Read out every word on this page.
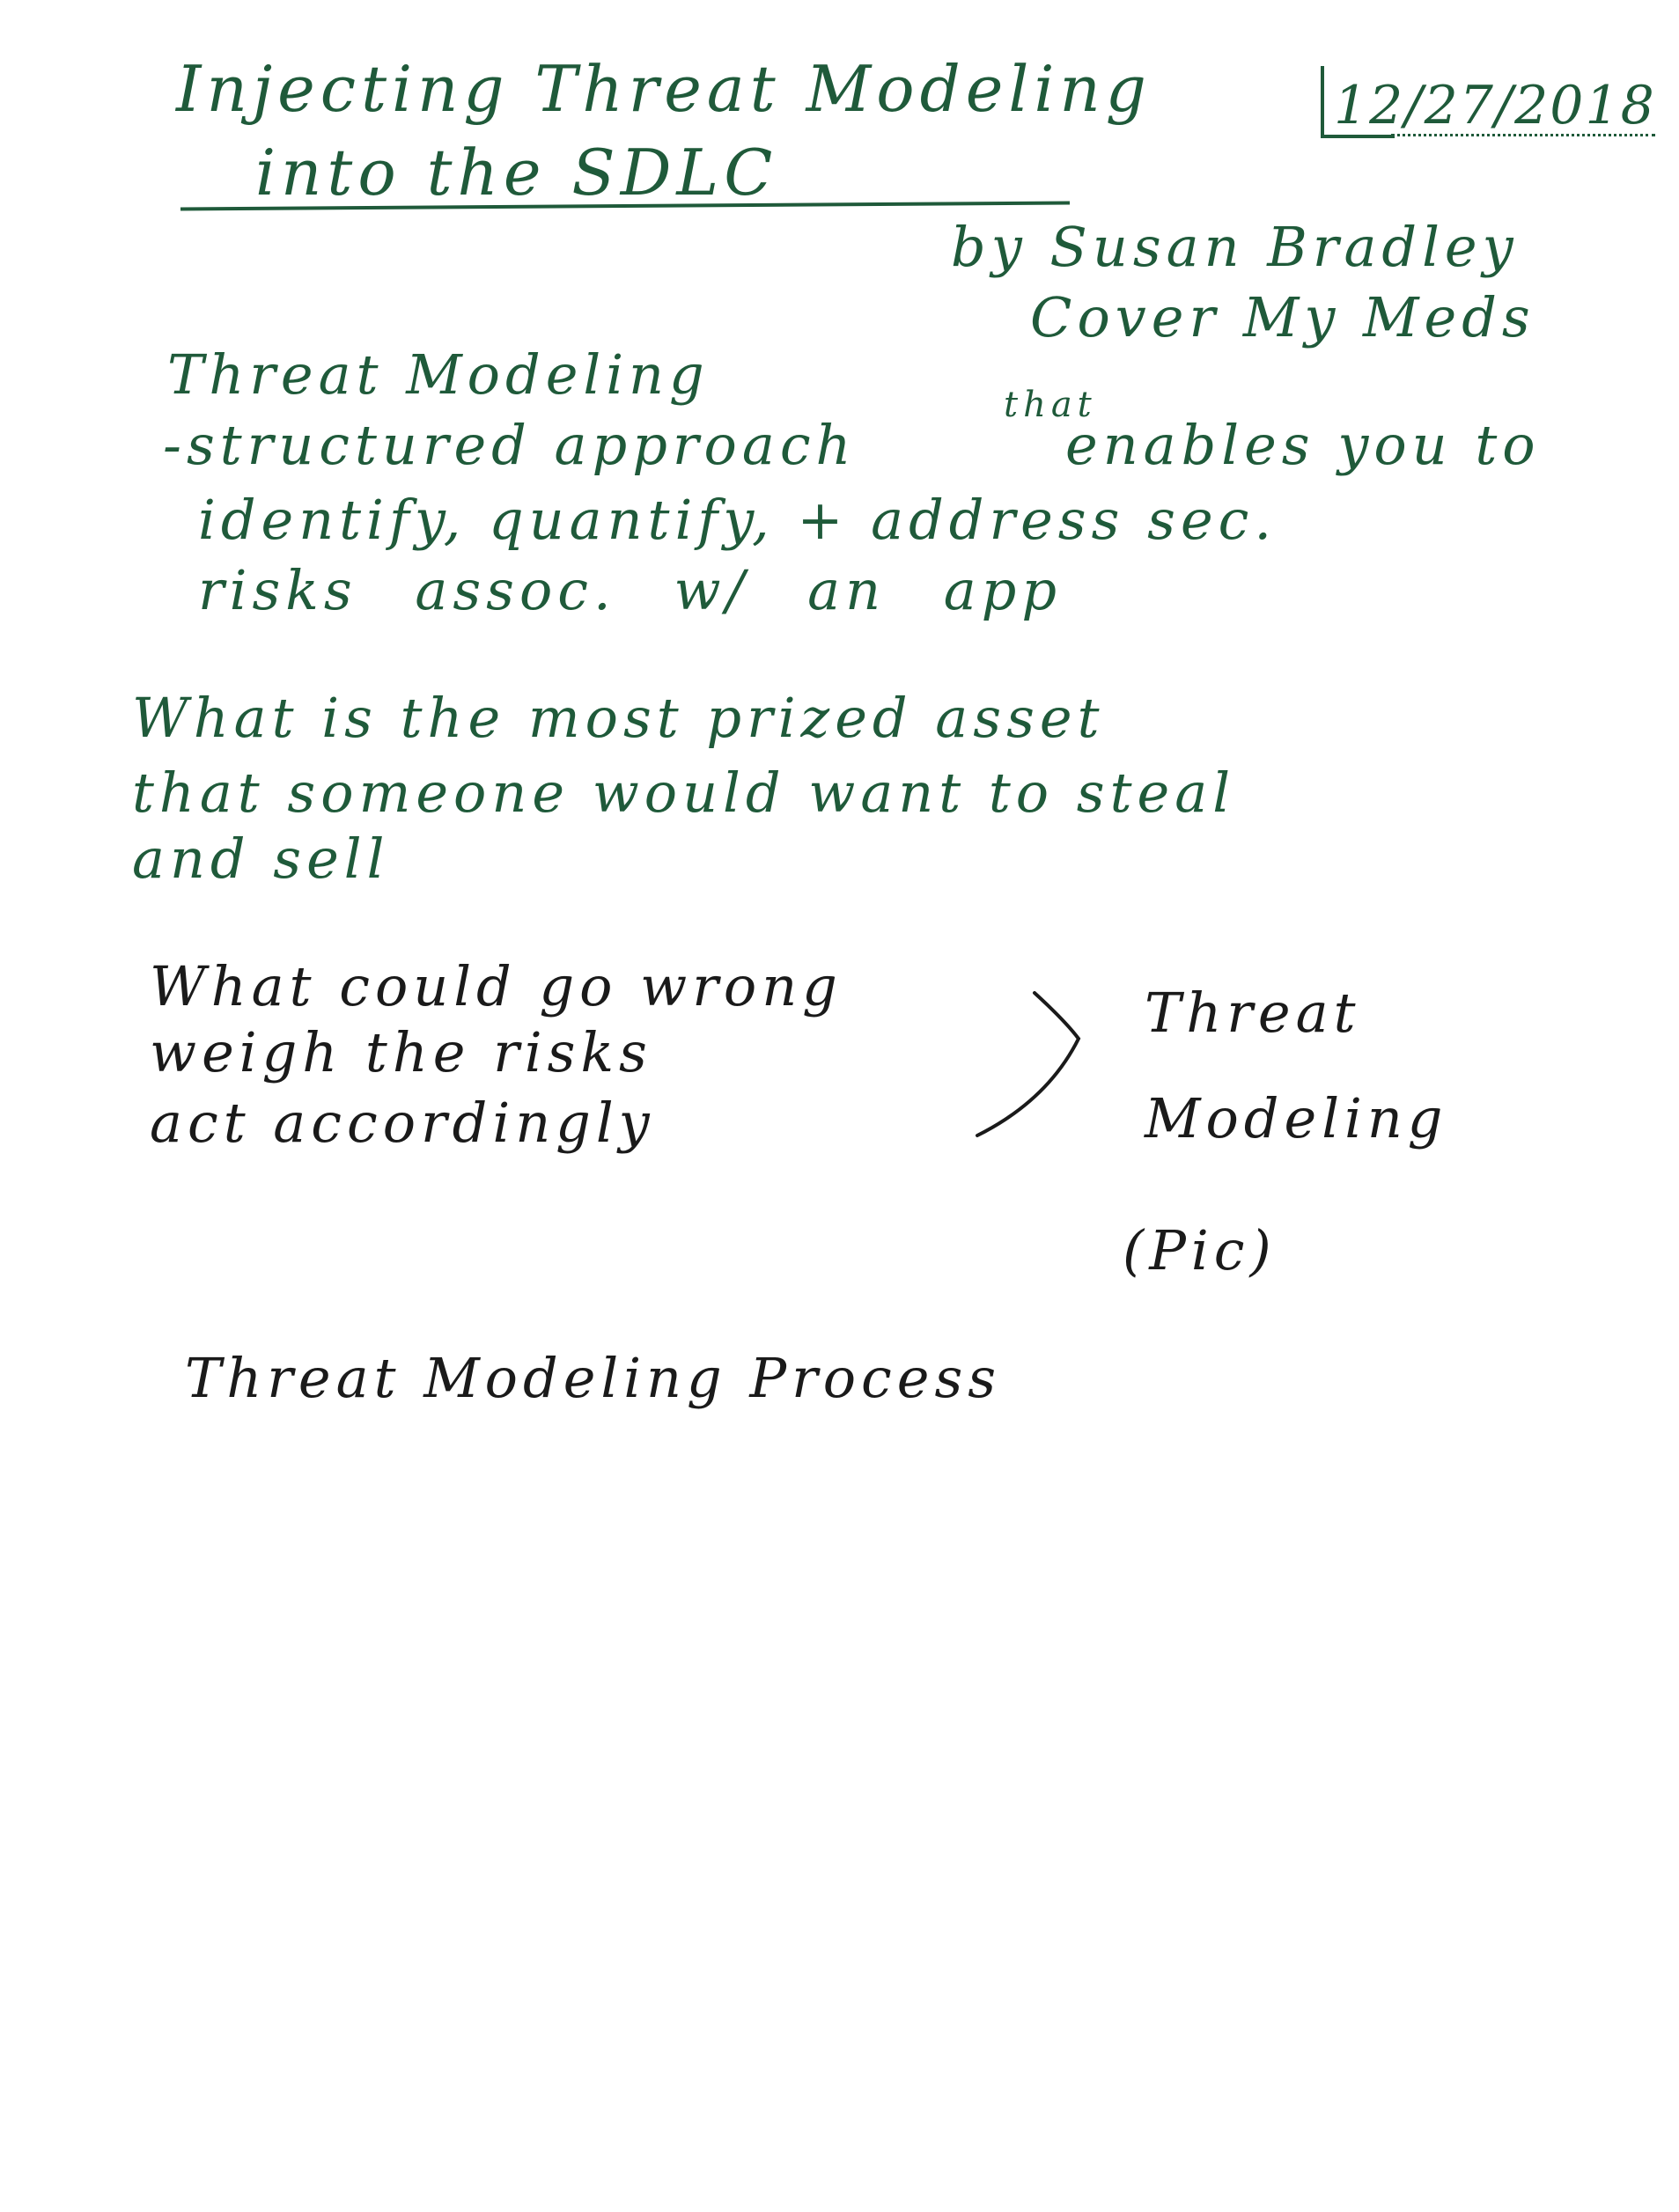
Injecting Threat Modeling
into the SDLC
12/27/2018
by Susan Bradley
Cover My Meds
Threat Modeling
-structured approach
that
enables you to
identify, quantify, + address sec.
risks assoc. w/ an app
What is the most prized asset
that someone would want to steal
and sell
What could go wrong
weigh the risks
act accordingly
Threat
Modeling
(Pic)
Threat Modeling Process
